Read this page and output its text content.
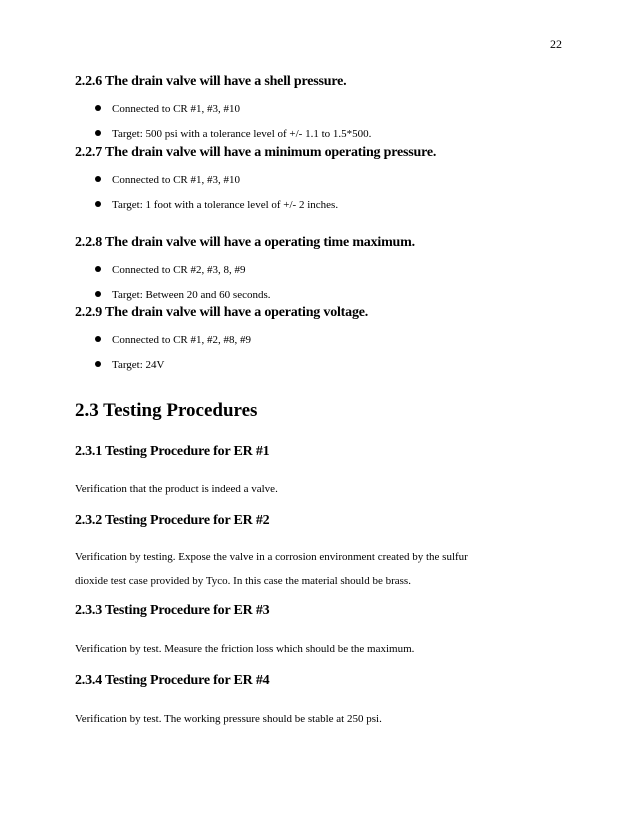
22
2.2.6 The drain valve will have a shell pressure.
Connected to CR #1, #3, #10
Target: 500 psi with a tolerance level of +/- 1.1 to 1.5*500.
2.2.7 The drain valve will have a minimum operating pressure.
Connected to CR #1, #3, #10
Target: 1 foot with a tolerance level of +/- 2 inches.
2.2.8 The drain valve will have a operating time maximum.
Connected to CR #2, #3, 8, #9
Target: Between 20 and 60 seconds.
2.2.9 The drain valve will have a operating voltage.
Connected to CR #1, #2, #8, #9
Target: 24V
2.3 Testing Procedures
2.3.1 Testing Procedure for ER #1
Verification that the product is indeed a valve.
2.3.2 Testing Procedure for ER #2
Verification by testing. Expose the valve in a corrosion environment created by the sulfur
dioxide test case provided by Tyco. In this case the material should be brass.
2.3.3 Testing Procedure for ER #3
Verification by test. Measure the friction loss which should be the maximum.
2.3.4 Testing Procedure for ER #4
Verification by test. The working pressure should be stable at 250 psi.
